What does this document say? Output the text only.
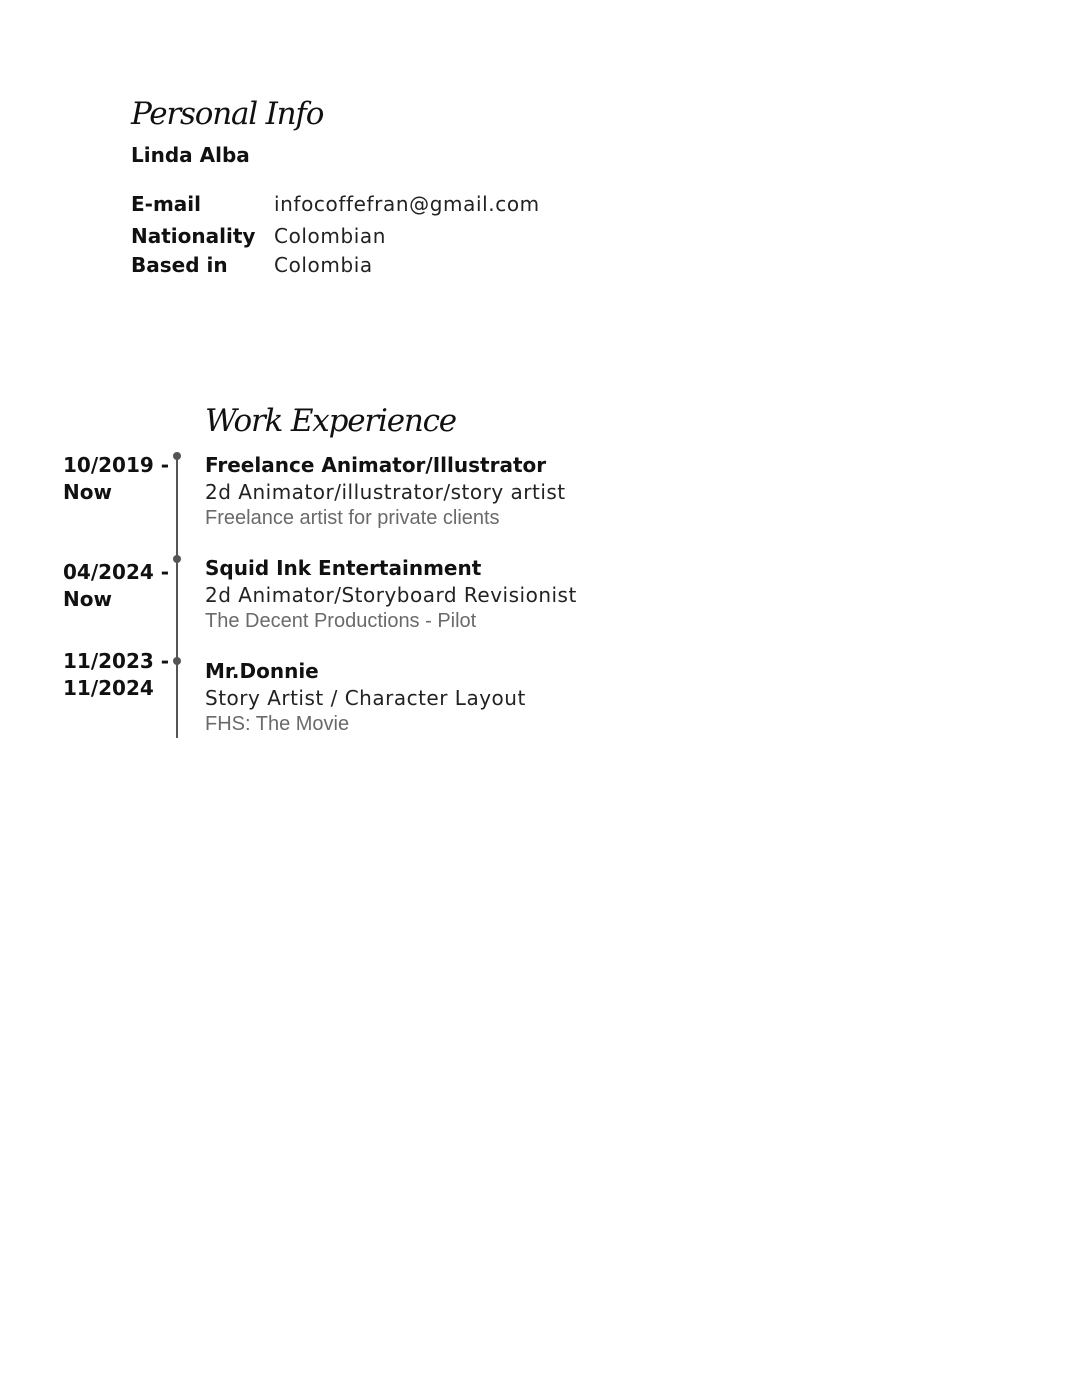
Personal Info
Linda Alba
E-mail	infocoffefran@gmail.com
Nationality Colombian
Based in Colombia
Work Experience
10/2019 -
Now
Freelance Animator/Illustrator
2d Animator/illustrator/story artist
Freelance artist for private clients
04/2024 -
Now
Squid Ink Entertainment
2d Animator/Storyboard Revisionist
The Decent Productions - Pilot
11/2023 -
11/2024
Mr.Donnie
Story Artist / Character Layout
FHS: The Movie
